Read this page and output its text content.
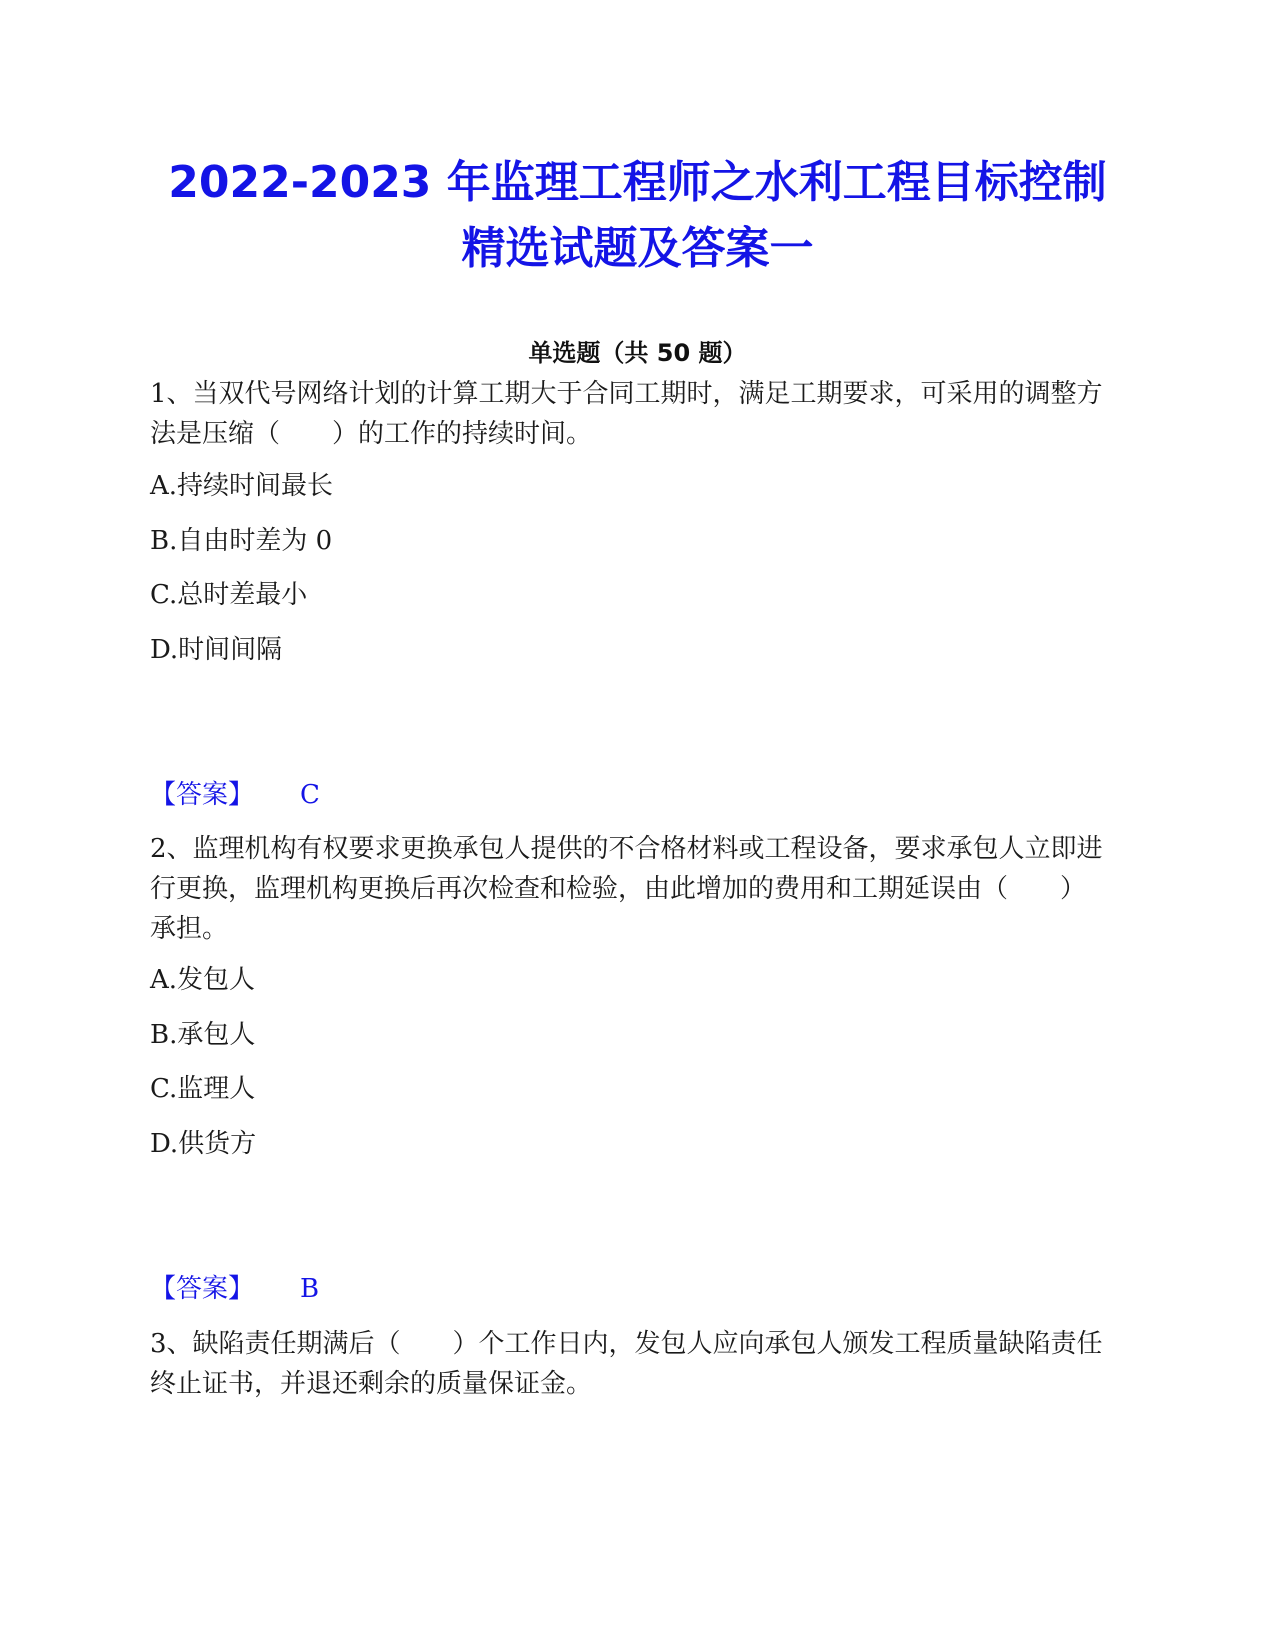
2022-2023 年监理工程师之水利工程目标控制精选试题及答案一
单选题（共 50 题）

1、当双代号网络计划的计算工期大于合同工期时，满足工期要求，可采用的调整方法是压缩（　　）的工作的持续时间。

A.持续时间最长

B.自由时差为 0

C.总时差最小

D.时间间隔

【答案】 C

2、监理机构有权要求更换承包人提供的不合格材料或工程设备，要求承包人立即进行更换，监理机构更换后再次检查和检验，由此增加的费用和工期延误由（　　）承担。

A.发包人

B.承包人

C.监理人

D.供货方

【答案】 B

3、缺陷责任期满后（　　）个工作日内，发包人应向承包人颁发工程质量缺陷责任终止证书，并退还剩余的质量保证金。
